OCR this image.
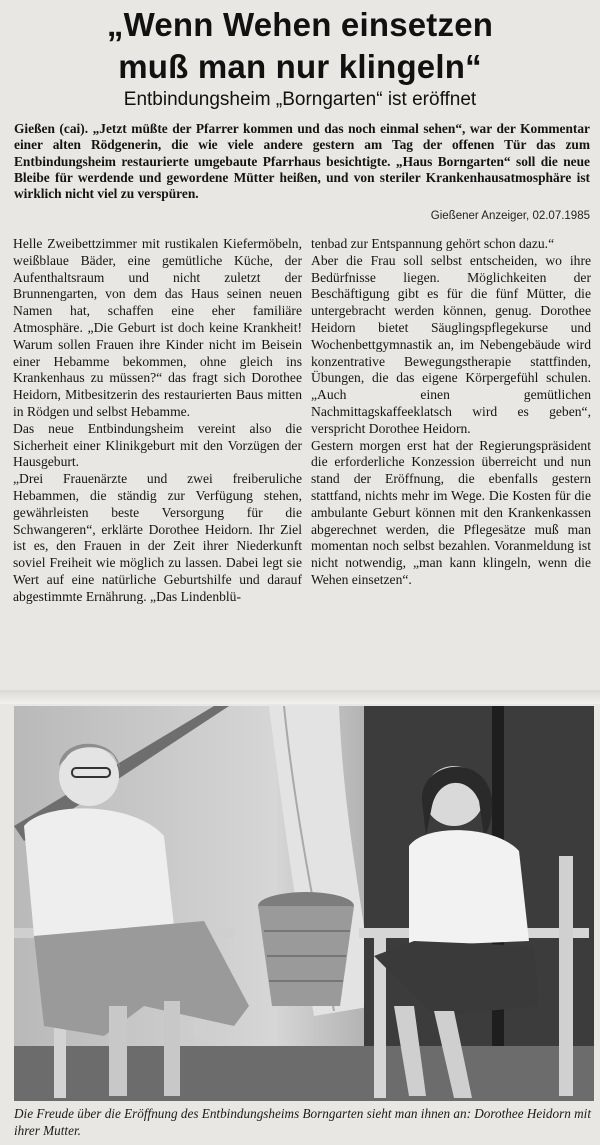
„Wenn Wehen einsetzen
muß man nur klingeln“
Entbindungsheim „Borngarten“ ist eröffnet
Gießen (cai). „Jetzt müßte der Pfarrer kommen und das noch einmal sehen“, war der Kommentar einer alten Rödgenerin, die wie viele andere gestern am Tag der offenen Tür das zum Entbindungsheim restaurierte umgebaute Pfarrhaus besichtigte. „Haus Borngarten“ soll die neue Bleibe für werdende und gewordene Mütter heißen, und von steriler Krankenhausatmosphäre ist wirklich nicht viel zu verspüren.
Gießener Anzeiger, 02.07.1985

Helle Zweibettzimmer mit rustikalen Kiefermöbeln, weißblaue Bäder, eine gemütliche Küche, der Aufenthaltsraum und nicht zuletzt der Brunnengarten, von dem das Haus seinen neuen Namen hat, schaffen eine eher familiäre Atmosphäre. „Die Geburt ist doch keine Krankheit! Warum sollen Frauen ihre Kinder nicht im Beisein einer Hebamme bekommen, ohne gleich ins Krankenhaus zu müssen?“ das fragt sich Dorothee Heidorn, Mitbesitzerin des restaurierten Baus mitten in Rödgen und selbst Hebamme.

Das neue Entbindungsheim vereint also die Sicherheit einer Klinikgeburt mit den Vorzügen der Hausgeburt.

„Drei Frauenärzte und zwei freiberuliche Hebammen, die ständig zur Verfügung stehen, gewährleisten beste Versorgung für die Schwangeren“, erklärte Dorothee Heidorn. Ihr Ziel ist es, den Frauen in der Zeit ihrer Niederkunft soviel Freiheit wie möglich zu lassen. Dabei legt sie Wert auf eine natürliche Geburtshilfe und darauf abgestimmte Ernährung. „Das Lindenblü-

tenbad zur Entspannung gehört schon dazu.“

Aber die Frau soll selbst entscheiden, wo ihre Bedürfnisse liegen. Möglichkeiten der Beschäftigung gibt es für die fünf Mütter, die untergebracht werden können, genug. Dorothee Heidorn bietet Säuglingspflegekurse und Wochenbettgymnastik an, im Nebengebäude wird konzentrative Bewegungstherapie stattfinden, Übungen, die das eigene Körpergefühl schulen. „Auch einen gemütlichen Nachmittagskaffeeklatsch wird es geben“, verspricht Dorothee Heidorn.

Gestern morgen erst hat der Regierungspräsident die erforderliche Konzession überreicht und nun stand der Eröffnung, die ebenfalls gestern stattfand, nichts mehr im Wege. Die Kosten für die ambulante Geburt können mit den Krankenkassen abgerechnet werden, die Pflegesätze muß man momentan noch selbst bezahlen. Voranmeldung ist nicht notwendig, „man kann klingeln, wenn die Wehen einsetzen“.

Die Freude über die Eröffnung des Entbindungsheims Borngarten sieht man ihnen an: Dorothee Heidorn mit ihrer Mutter.
